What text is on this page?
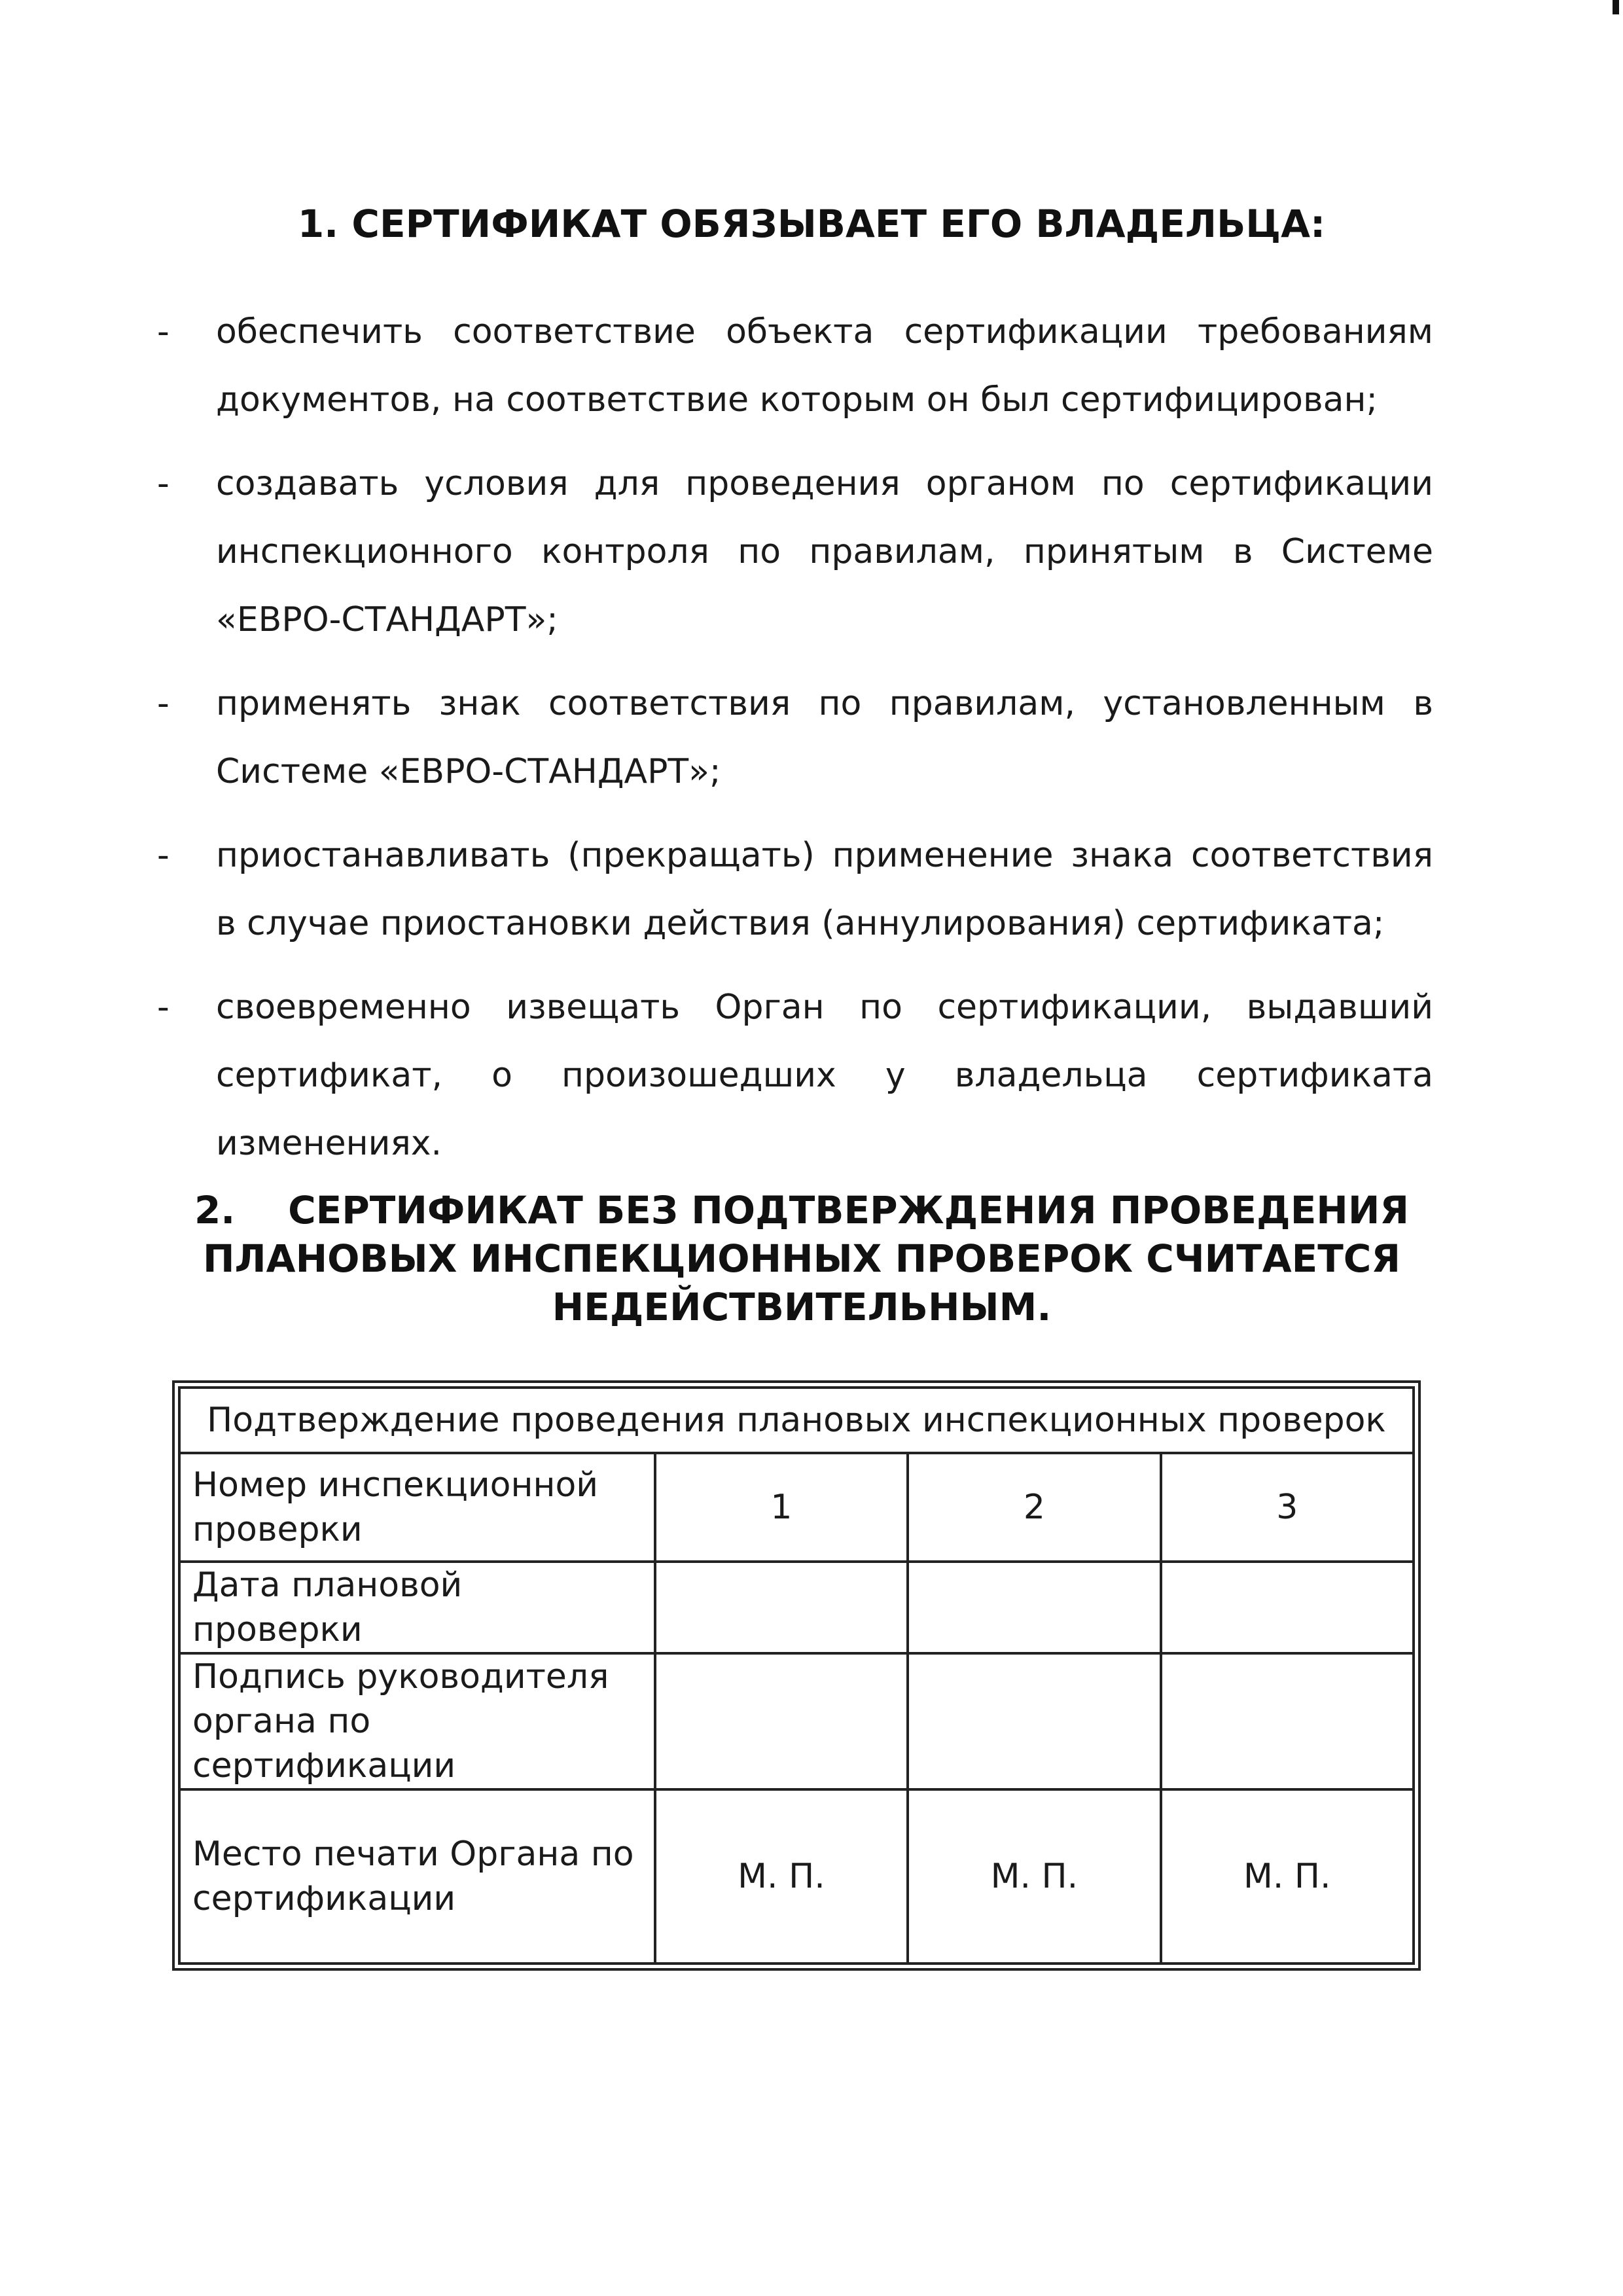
1. СЕРТИФИКАТ ОБЯЗЫВАЕТ ЕГО ВЛАДЕЛЬЦА:
- обеспечить соответствие объекта сертификации требованиям документов, на соответствие которым он был сертифицирован;
- создавать условия для проведения органом по сертификации инспекционного контроля по правилам, принятым в Системе «ЕВРО-СТАНДАРТ»;
- применять знак соответствия по правилам, установленным в Системе «ЕВРО-СТАНДАРТ»;
- приостанавливать (прекращать) применение знака соответствия в случае приостановки действия (аннулирования) сертификата;
- своевременно извещать Орган по сертификации, выдавший сертификат, о произошедших у владельца сертификата изменениях.
2.    СЕРТИФИКАТ БЕЗ ПОДТВЕРЖДЕНИЯ ПРОВЕДЕНИЯ
ПЛАНОВЫХ ИНСПЕКЦИОННЫХ ПРОВЕРОК СЧИТАЕТСЯ
НЕДЕЙСТВИТЕЛЬНЫМ.
Подтверждение проведения плановых инспекционных проверок			
Номер инспекционной проверки	1	2	3
Дата плановой проверки			
Подпись руководителя органа по сертификации			
Место печати Органа по сертификации	М. П.	М. П.	М. П.
